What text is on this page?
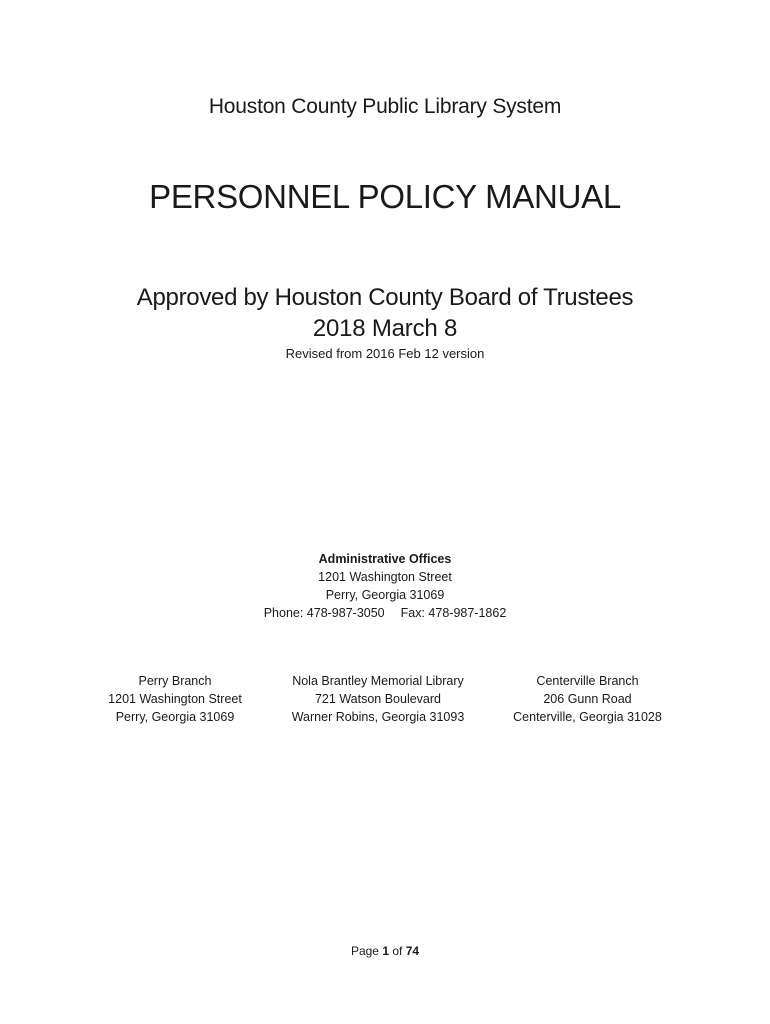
Houston County Public Library System
PERSONNEL POLICY MANUAL
Approved by Houston County Board of Trustees
2018 March 8
Revised from 2016 Feb 12 version
Administrative Offices
1201 Washington Street
Perry, Georgia 31069
Phone: 478-987-3050 Fax: 478-987-1862
Perry Branch
1201 Washington Street
Perry, Georgia 31069
Nola Brantley Memorial Library
721 Watson Boulevard
Warner Robins, Georgia 31093
Centerville Branch
206 Gunn Road
Centerville, Georgia 31028
Page 1 of 74
